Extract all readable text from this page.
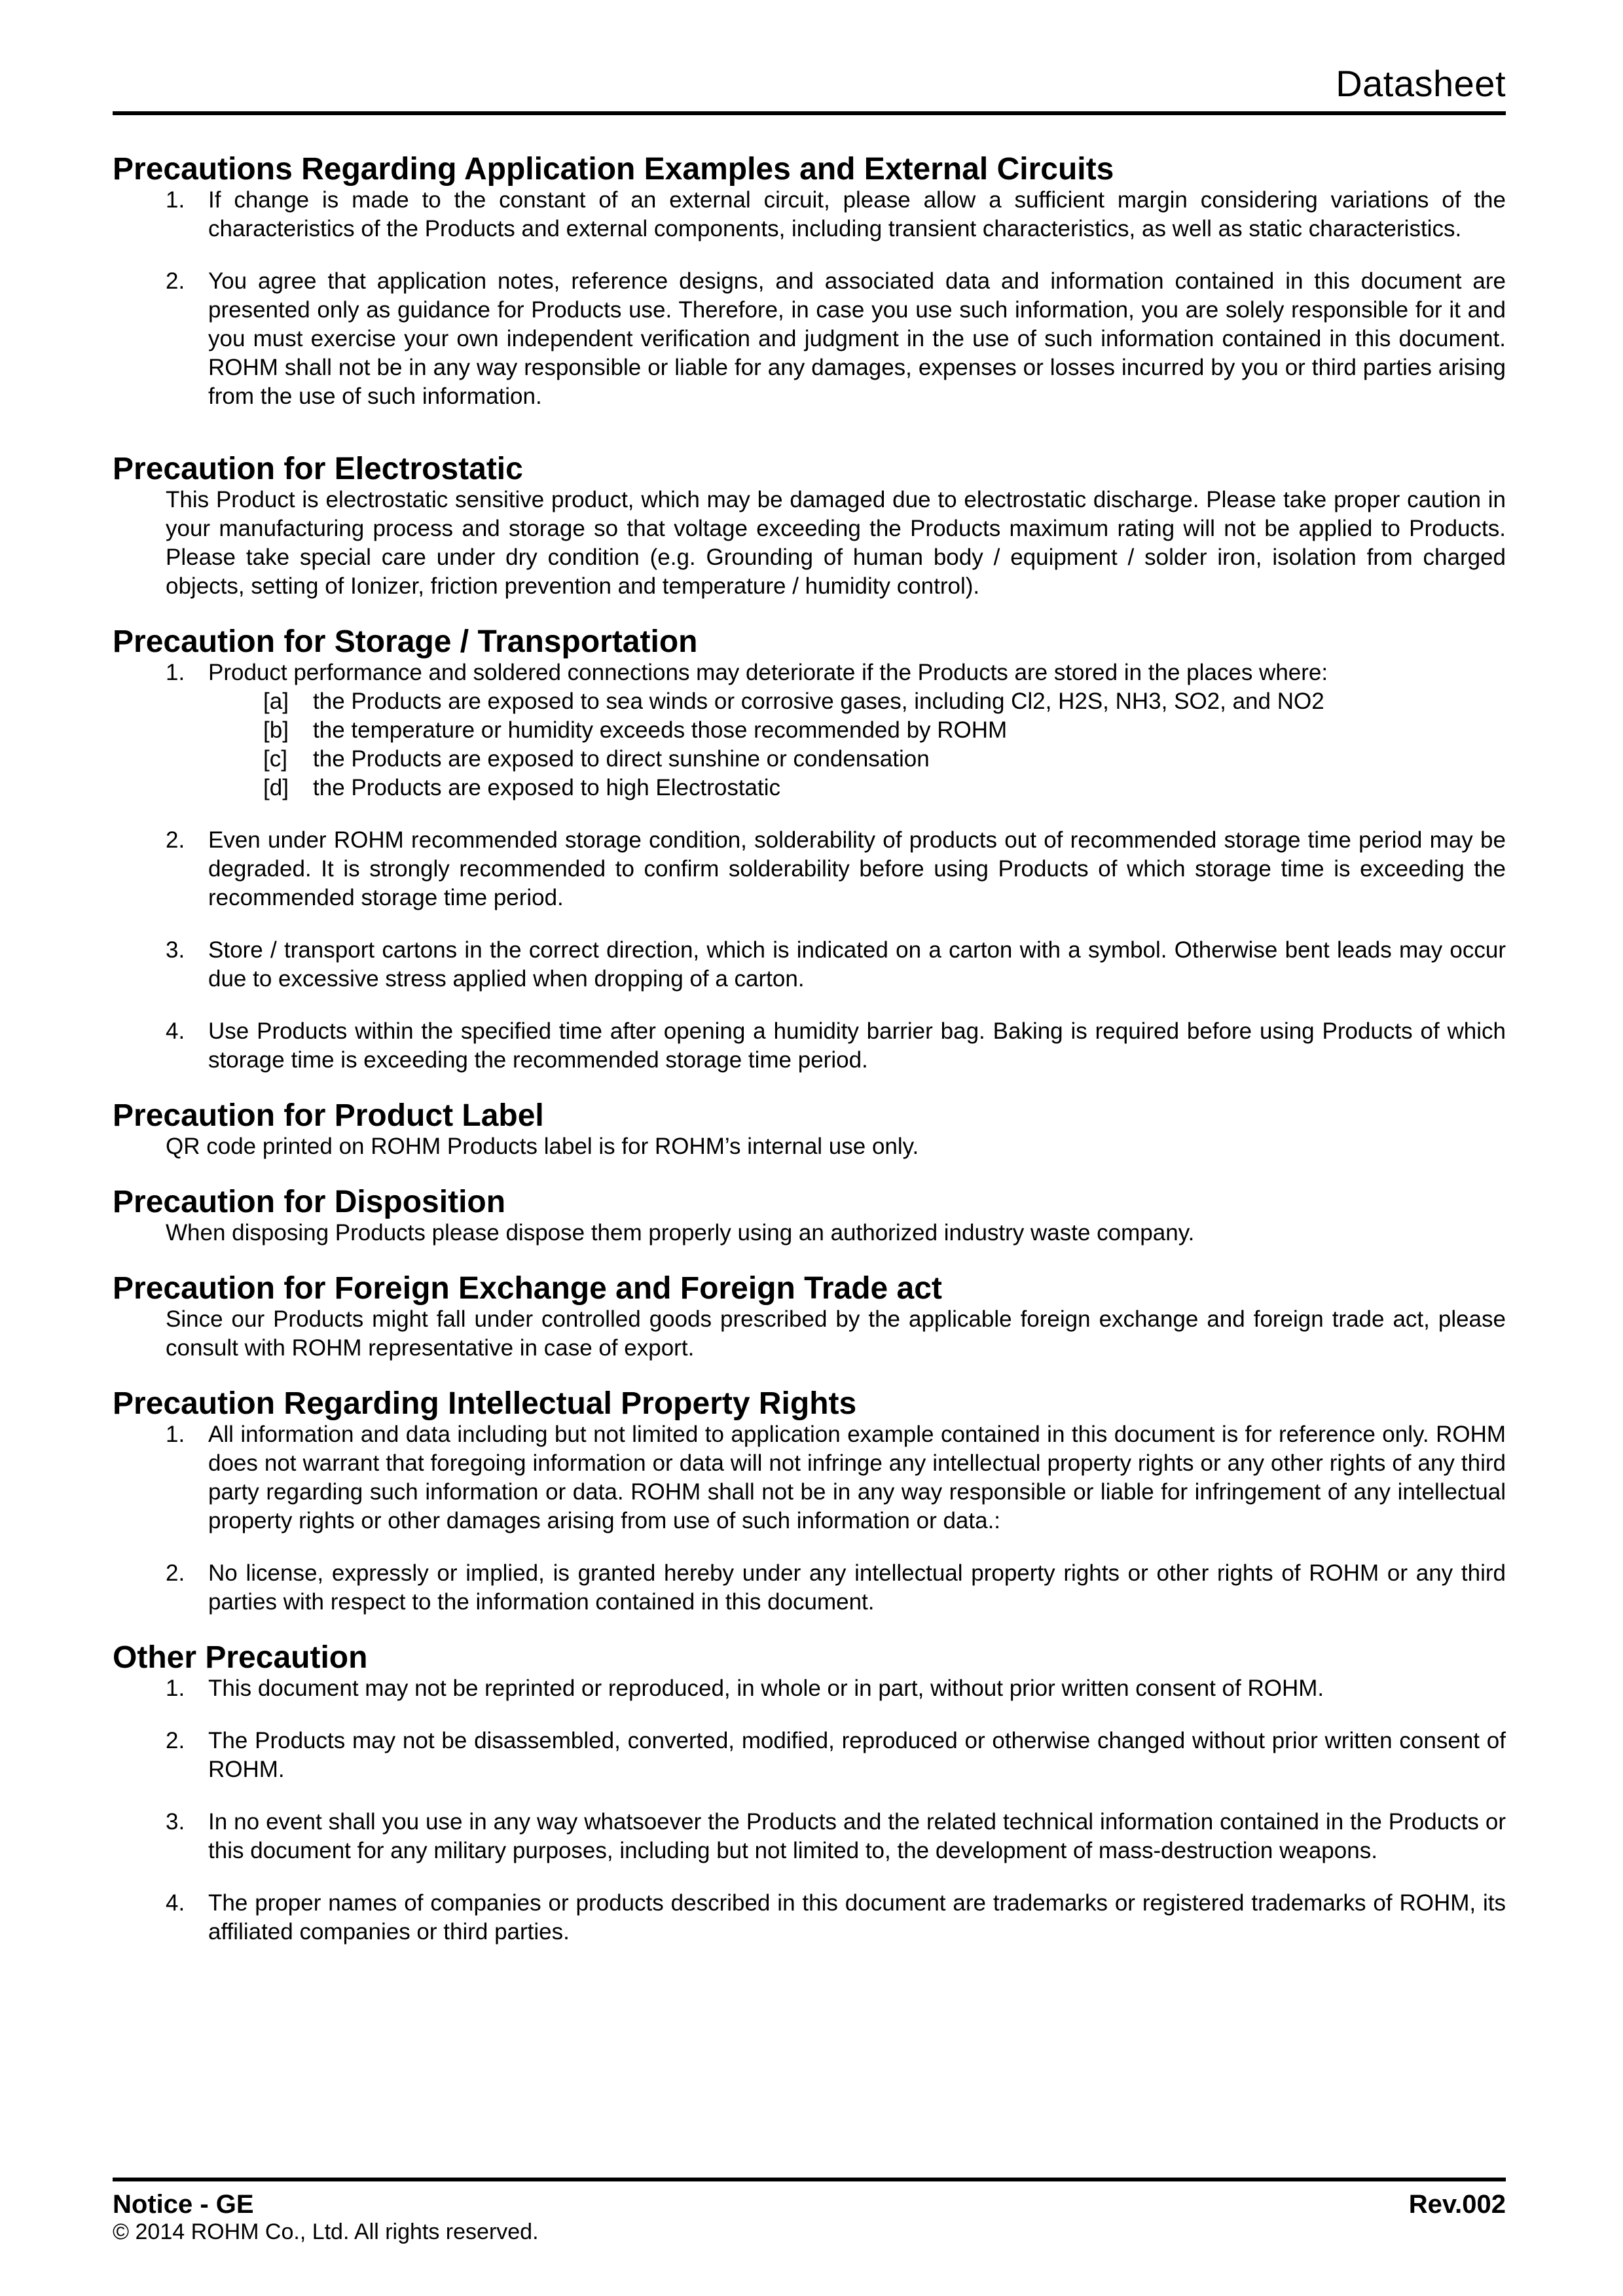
Datasheet
Precautions Regarding Application Examples and External Circuits
1. If change is made to the constant of an external circuit, please allow a sufficient margin considering variations of the characteristics of the Products and external components, including transient characteristics, as well as static characteristics.
2. You agree that application notes, reference designs, and associated data and information contained in this document are presented only as guidance for Products use. Therefore, in case you use such information, you are solely responsible for it and you must exercise your own independent verification and judgment in the use of such information contained in this document. ROHM shall not be in any way responsible or liable for any damages, expenses or losses incurred by you or third parties arising from the use of such information.
Precaution for Electrostatic
This Product is electrostatic sensitive product, which may be damaged due to electrostatic discharge. Please take proper caution in your manufacturing process and storage so that voltage exceeding the Products maximum rating will not be applied to Products. Please take special care under dry condition (e.g. Grounding of human body / equipment / solder iron, isolation from charged objects, setting of Ionizer, friction prevention and temperature / humidity control).
Precaution for Storage / Transportation
1. Product performance and soldered connections may deteriorate if the Products are stored in the places where:
[a] the Products are exposed to sea winds or corrosive gases, including Cl2, H2S, NH3, SO2, and NO2
[b] the temperature or humidity exceeds those recommended by ROHM
[c] the Products are exposed to direct sunshine or condensation
[d] the Products are exposed to high Electrostatic
2. Even under ROHM recommended storage condition, solderability of products out of recommended storage time period may be degraded. It is strongly recommended to confirm solderability before using Products of which storage time is exceeding the recommended storage time period.
3. Store / transport cartons in the correct direction, which is indicated on a carton with a symbol. Otherwise bent leads may occur due to excessive stress applied when dropping of a carton.
4. Use Products within the specified time after opening a humidity barrier bag. Baking is required before using Products of which storage time is exceeding the recommended storage time period.
Precaution for Product Label
QR code printed on ROHM Products label is for ROHM’s internal use only.
Precaution for Disposition
When disposing Products please dispose them properly using an authorized industry waste company.
Precaution for Foreign Exchange and Foreign Trade act
Since our Products might fall under controlled goods prescribed by the applicable foreign exchange and foreign trade act, please consult with ROHM representative in case of export.
Precaution Regarding Intellectual Property Rights
1. All information and data including but not limited to application example contained in this document is for reference only. ROHM does not warrant that foregoing information or data will not infringe any intellectual property rights or any other rights of any third party regarding such information or data. ROHM shall not be in any way responsible or liable for infringement of any intellectual property rights or other damages arising from use of such information or data.:
2. No license, expressly or implied, is granted hereby under any intellectual property rights or other rights of ROHM or any third parties with respect to the information contained in this document.
Other Precaution
1. This document may not be reprinted or reproduced, in whole or in part, without prior written consent of ROHM.
2. The Products may not be disassembled, converted, modified, reproduced or otherwise changed without prior written consent of ROHM.
3. In no event shall you use in any way whatsoever the Products and the related technical information contained in the Products or this document for any military purposes, including but not limited to, the development of mass-destruction weapons.
4. The proper names of companies or products described in this document are trademarks or registered trademarks of ROHM, its affiliated companies or third parties.
Notice - GE	Rev.002
© 2014 ROHM Co., Ltd. All rights reserved.
